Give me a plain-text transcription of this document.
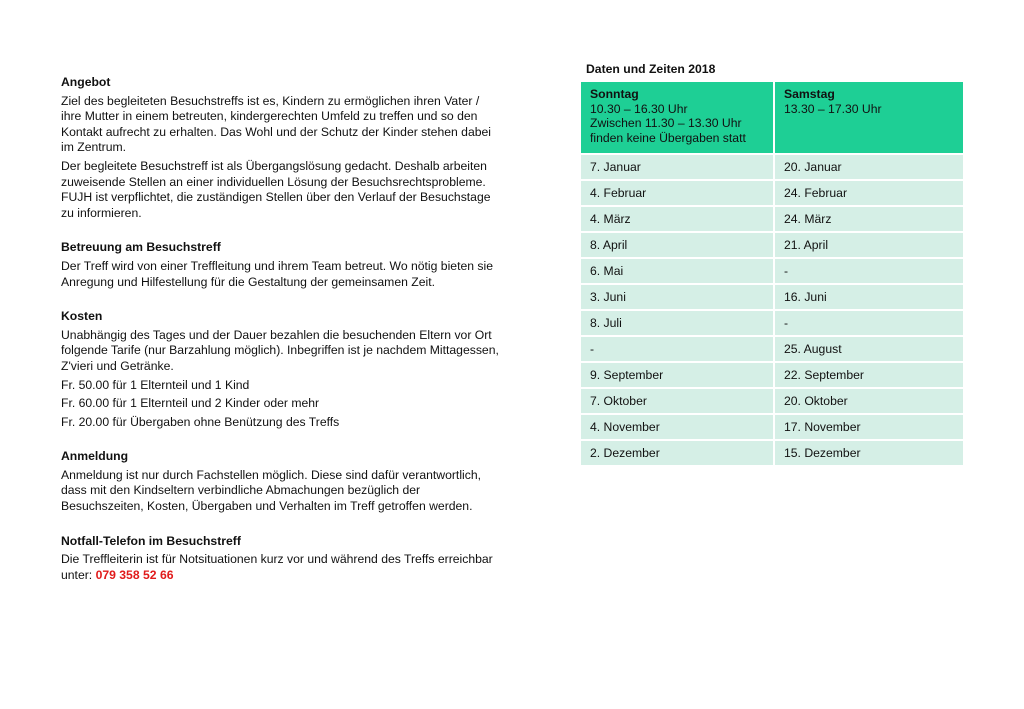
Angebot

Ziel des begleiteten Besuchstreffs ist es, Kindern zu ermöglichen ihren Vater / ihre Mutter in einem betreuten, kindergerechten Umfeld zu treffen und so den Kontakt aufrecht zu erhalten. Das Wohl und der Schutz der Kinder stehen dabei im Zentrum.

Der begleitete Besuchstreff ist als Übergangslösung gedacht. Deshalb arbeiten zuweisende Stellen an einer individuellen Lösung der Besuchsrechtsprobleme. FUJH ist verpflichtet, die zuständigen Stellen über den Verlauf der Besuchstage zu informieren.

Betreuung am Besuchstreff

Der Treff wird von einer Treffleitung und ihrem Team betreut. Wo nötig bieten sie Anregung und Hilfestellung für die Gestaltung der gemeinsamen Zeit.

Kosten

Unabhängig des Tages und der Dauer bezahlen die besuchenden Eltern vor Ort folgende Tarife (nur Barzahlung möglich). Inbegriffen ist je nachdem Mittagessen, Z'vieri und Getränke.

Fr. 50.00 für 1 Elternteil und 1 Kind

Fr. 60.00 für 1 Elternteil und 2 Kinder oder mehr

Fr. 20.00 für Übergaben ohne Benützung des Treffs

Anmeldung

Anmeldung ist nur durch Fachstellen möglich. Diese sind dafür verantwortlich, dass mit den Kindseltern verbindliche Abmachungen bezüglich der Besuchszeiten, Kosten, Übergaben und Verhalten im Treff getroffen werden.

Notfall-Telefon im Besuchstreff

Die Treffleiterin ist für Notsituationen kurz vor und während des Treffs erreichbar unter: 079 358 52 66

Daten und Zeiten 2018
Sonntag
10.30 – 16.30 Uhr
Zwischen 11.30 – 13.30 Uhr
finden keine Übergaben statt	Samstag
13.30 – 17.30 Uhr

7. Januar	20. Januar
4. Februar	24. Februar
4. März	24. März
8. April	21. April
6. Mai	-
3. Juni	16. Juni
8. Juli	-
-	25. August
9. September	22. September
7. Oktober	20. Oktober
4. November	17. November
2. Dezember	15. Dezember
